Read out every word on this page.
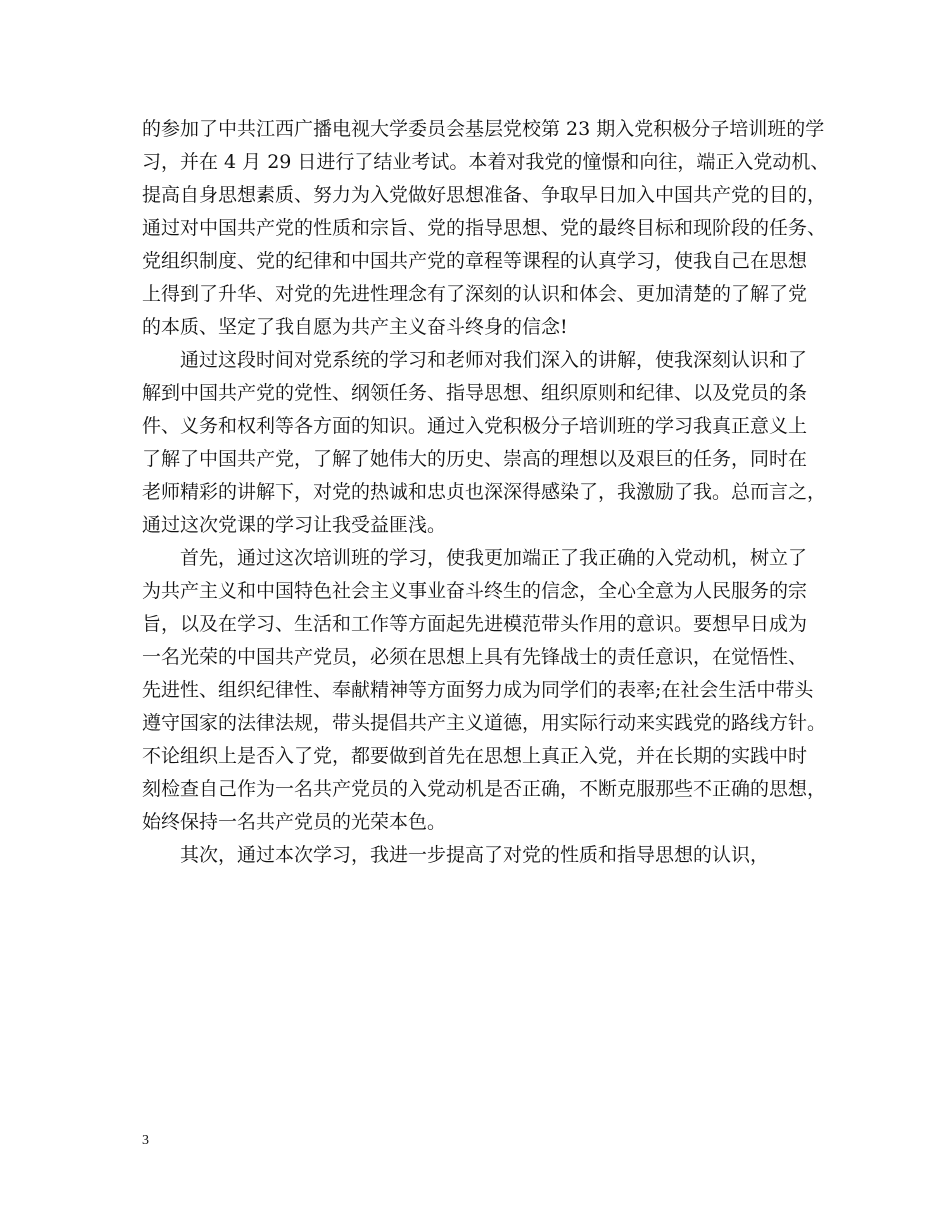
的参加了中共江西广播电视大学委员会基层党校第 23 期入党积极分子培训班的学
习，并在 4 月 29 日进行了结业考试。本着对我党的憧憬和向往，端正入党动机、
提高自身思想素质、努力为入党做好思想准备、争取早日加入中国共产党的目的，
通过对中国共产党的性质和宗旨、党的指导思想、党的最终目标和现阶段的任务、
党组织制度、党的纪律和中国共产党的章程等课程的认真学习，使我自己在思想
上得到了升华、对党的先进性理念有了深刻的认识和体会、更加清楚的了解了党
的本质、坚定了我自愿为共产主义奋斗终身的信念!
通过这段时间对党系统的学习和老师对我们深入的讲解，使我深刻认识和了
解到中国共产党的党性、纲领任务、指导思想、组织原则和纪律、以及党员的条
件、义务和权利等各方面的知识。通过入党积极分子培训班的学习我真正意义上
了解了中国共产党，了解了她伟大的历史、崇高的理想以及艰巨的任务，同时在
老师精彩的讲解下，对党的热诚和忠贞也深深得感染了，我激励了我。总而言之，
通过这次党课的学习让我受益匪浅。
首先，通过这次培训班的学习，使我更加端正了我正确的入党动机，树立了
为共产主义和中国特色社会主义事业奋斗终生的信念，全心全意为人民服务的宗
旨，以及在学习、生活和工作等方面起先进模范带头作用的意识。要想早日成为
一名光荣的中国共产党员，必须在思想上具有先锋战士的责任意识，在觉悟性、
先进性、组织纪律性、奉献精神等方面努力成为同学们的表率;在社会生活中带头
遵守国家的法律法规，带头提倡共产主义道德，用实际行动来实践党的路线方针。
不论组织上是否入了党，都要做到首先在思想上真正入党，并在长期的实践中时
刻检查自己作为一名共产党员的入党动机是否正确，不断克服那些不正确的思想，
始终保持一名共产党员的光荣本色。
其次，通过本次学习，我进一步提高了对党的性质和指导思想的认识，
3
